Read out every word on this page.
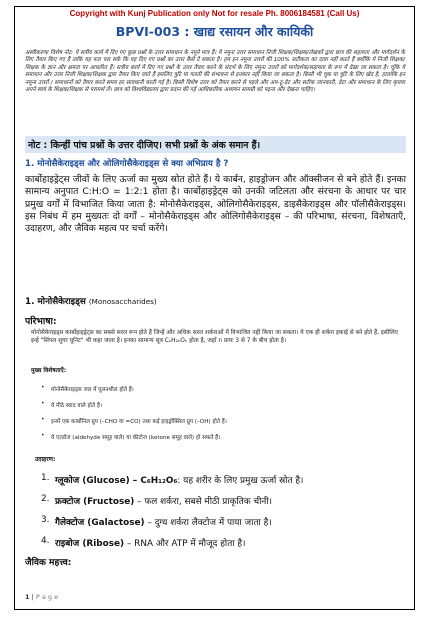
Copyright with Kunj Publication only Not for resale Ph. 8006184581 (Call Us)
BPVI-003 : खाद्य रसायन और कायिकी
अस्वीकरण/ विशेष नोट: ये सत्रीय कार्य में दिए गए कुछ प्रश्नों के उत्तर समाधान के नमूने मात्र हैं। ये नमूना उत्तर समाधान निजी शिक्षक/शिक्षक/लेखकों द्वारा छात्र की सहायता और मार्गदर्शन के लिए तैयार किए गए हैं ताकि यह पता चल सके कि वह दिए गए प्रश्नों का उत्तर कैसे दे सकता है। हम इन नमूना उत्तरों की 100% सटीकता का दावा नहीं करते हैं क्योंकि ये निजी शिक्षक/शिक्षक के ज्ञान और क्षमता पर आधारित हैं। सत्रीय कार्य में दिए गए प्रश्नों के उत्तर तैयार करने के संदर्भ के लिए नमूना उत्तरों को मार्गदर्शक/सहायता के रूप में देखा जा सकता है। चूंकि ये समाधान और उत्तर निजी शिक्षक/शिक्षक द्वारा तैयार किए जाते हैं इसलिए त्रुटि या गलती की संभावना से इनकार नहीं किया जा सकता है। किसी भी चूक या त्रुटि के लिए खेद है, हालांकि इन नमूना उत्तरों / समाधानों को तैयार करते समय हर सावधानी बरती गई है। किसी विशेष उत्तर को तैयार करने से पहले और अप-टू-डेट और सटीक जानकारी, डेटा और समाधान के लिए कृपया अपने स्वयं के शिक्षक/शिक्षक से परामर्श लें। छात्र को विश्वविद्यालय द्वारा प्रदान की गई आधिकारिक अध्ययन सामग्री को पढ़ना और देखना चाहिए।
नोट : किन्हीं पांच प्रश्नों के उत्तर दीजिए। सभी प्रश्नों के अंक समान हैं।
1. मोनोसैकेराइड्स और ओलिगोसैकेराइड्स से क्या अभिप्राय है ?
कार्बोहाइड्रेट्स जीवों के लिए ऊर्जा का मुख्य स्रोत होते हैं। ये कार्बन, हाइड्रोजन और ऑक्सीजन से बने होते हैं। इनका सामान्य अनुपात C:H:O = 1:2:1 होता है। कार्बोहाइड्रेट्स को उनकी जटिलता और संरचना के आधार पर चार प्रमुख वर्गों में विभाजित किया जाता है: मोनोसैकेराइड्स, ओलिगोसैकेराइड्स, डाइसैकेराइड्स और पॉलीसैकेराइड्स। इस निबंध में हम मुख्यतः दो वर्गों – मोनोसैकेराइड्स और ओलिगोसैकेराइड्स – की परिभाषा, संरचना, विशेषताएँ, उदाहरण, और जैविक महत्व पर चर्चा करेंगे।
1. मोनोसैकेराइड्स (Monosaccharides)
परिभाषा:
मोनोसैकेराइड्स कार्बोहाइड्रेट्स का सबसे सरल रूप होते हैं जिन्हें और अधिक सरल शर्कराओं में विभाजित नहीं किया जा सकता। ये एक ही शर्करा इकाई से बने होते हैं, इसीलिए इन्हें "सिंपल शुगर यूनिट" भी कहा जाता है। इनका सामान्य सूत्र CₙH₂ₙOₙ होता है, जहाँ n प्रायः 3 से 7 के बीच होता है।
मुख्य विशेषताएँ:
• मोनोसैकेराइड्स जल में घुलनशील होते हैं।
• ये मीठे स्वाद वाले होते हैं।
• इनमें एक कार्बोनिल ग्रुप (–CHO या =CO) तथा कई हाइड्रॉक्सिल ग्रुप (–OH) होते हैं।
• ये एल्डोज (aldehyde समूह वाले) या कीटोज (ketone समूह वाले) हो सकते हैं।
उदाहरण:
1. ग्लूकोज (Glucose) – C₆H₁₂O₆: यह शरीर के लिए प्रमुख ऊर्जा स्रोत है।
2. फ्रक्टोज (Fructose) – फल शर्करा, सबसे मीठी प्राकृतिक चीनी।
3. गैलेक्टोज (Galactose) – दुग्ध शर्करा लैक्टोज में पाया जाता है।
4. राइबोज (Ribose) – RNA और ATP में मौजूद होता है।
जैविक महत्त्व:
1 | P a g e
